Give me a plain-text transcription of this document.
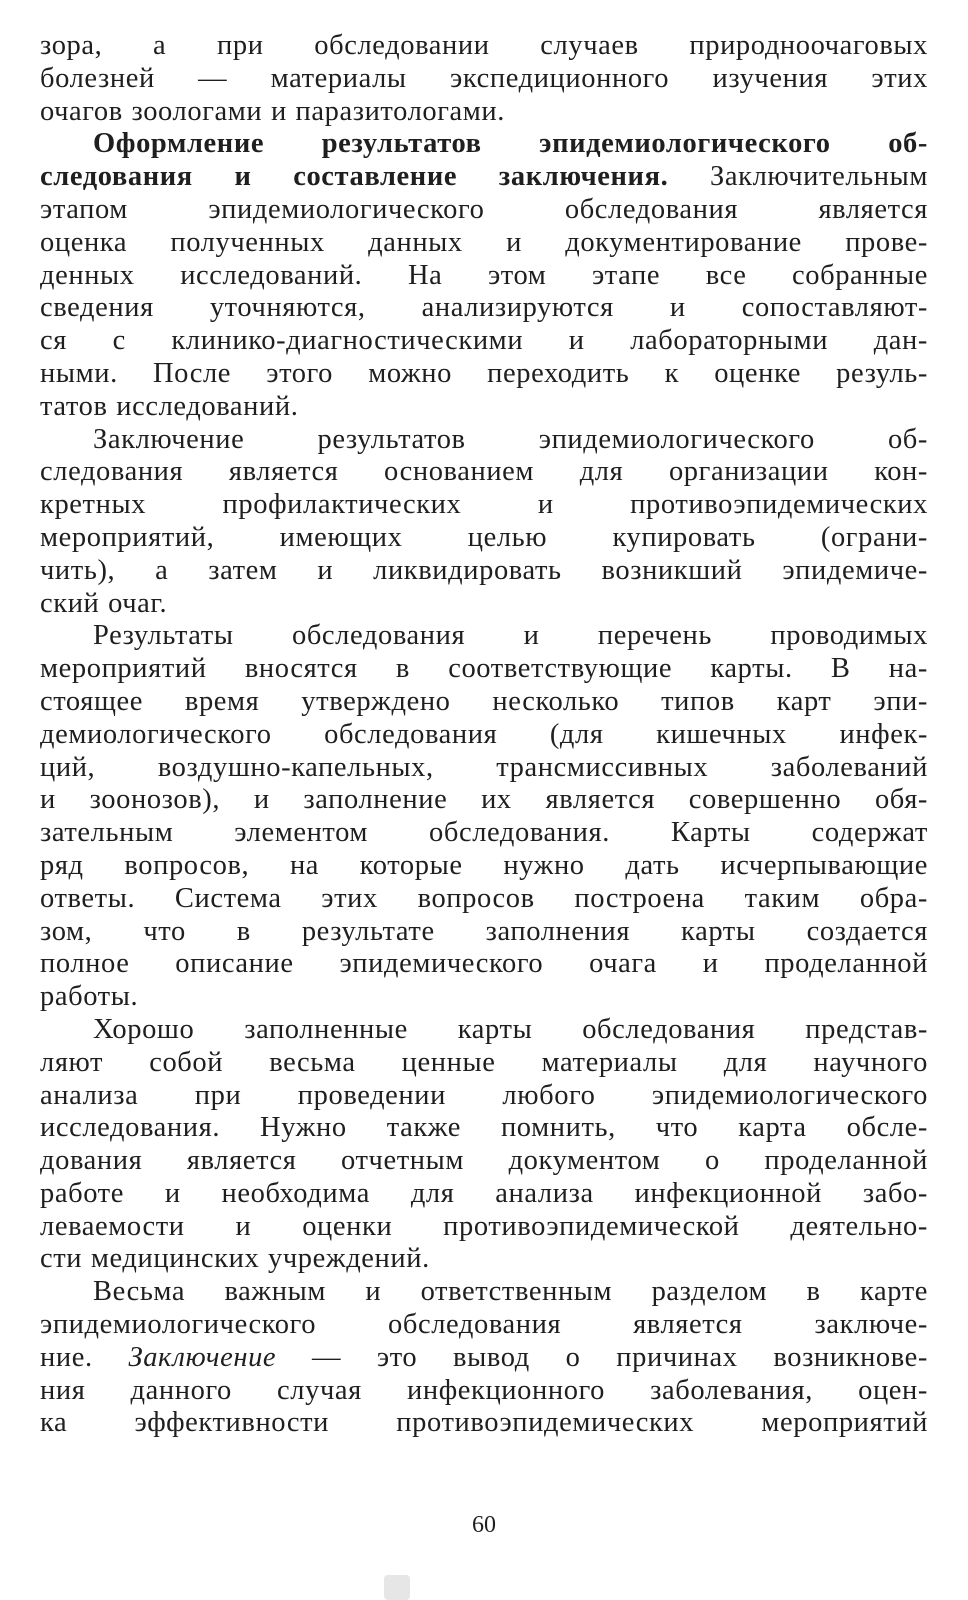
зора, а при обследовании случаев природноочаговых
болезней — материалы экспедиционного изучения этих
очагов зоологами и паразитологами.
Оформление результатов эпидемиологического об-
следования и составление заключения. Заключительным
этапом эпидемиологического обследования является
оценка полученных данных и документирование прове-
денных исследований. На этом этапе все собранные
сведения уточняются, анализируются и сопоставляют-
ся с клинико-диагностическими и лабораторными дан-
ными. После этого можно переходить к оценке резуль-
татов исследований.
Заключение результатов эпидемиологического об-
следования является основанием для организации кон-
кретных профилактических и противоэпидемических
мероприятий, имеющих целью купировать (ограни-
чить), а затем и ликвидировать возникший эпидемиче-
ский очаг.
Результаты обследования и перечень проводимых
мероприятий вносятся в соответствующие карты. В на-
стоящее время утверждено несколько типов карт эпи-
демиологического обследования (для кишечных инфек-
ций, воздушно-капельных, трансмиссивных заболеваний
и зоонозов), и заполнение их является совершенно обя-
зательным элементом обследования. Карты содержат
ряд вопросов, на которые нужно дать исчерпывающие
ответы. Система этих вопросов построена таким обра-
зом, что в результате заполнения карты создается
полное описание эпидемического очага и проделанной
работы.
Хорошо заполненные карты обследования представ-
ляют собой весьма ценные материалы для научного
анализа при проведении любого эпидемиологического
исследования. Нужно также помнить, что карта обсле-
дования является отчетным документом о проделанной
работе и необходима для анализа инфекционной забо-
леваемости и оценки противоэпидемической деятельно-
сти медицинских учреждений.
Весьма важным и ответственным разделом в карте
эпидемиологического обследования является заключе-
ние. Заключение — это вывод о причинах возникнове-
ния данного случая инфекционного заболевания, оцен-
ка эффективности противоэпидемических мероприятий
60
